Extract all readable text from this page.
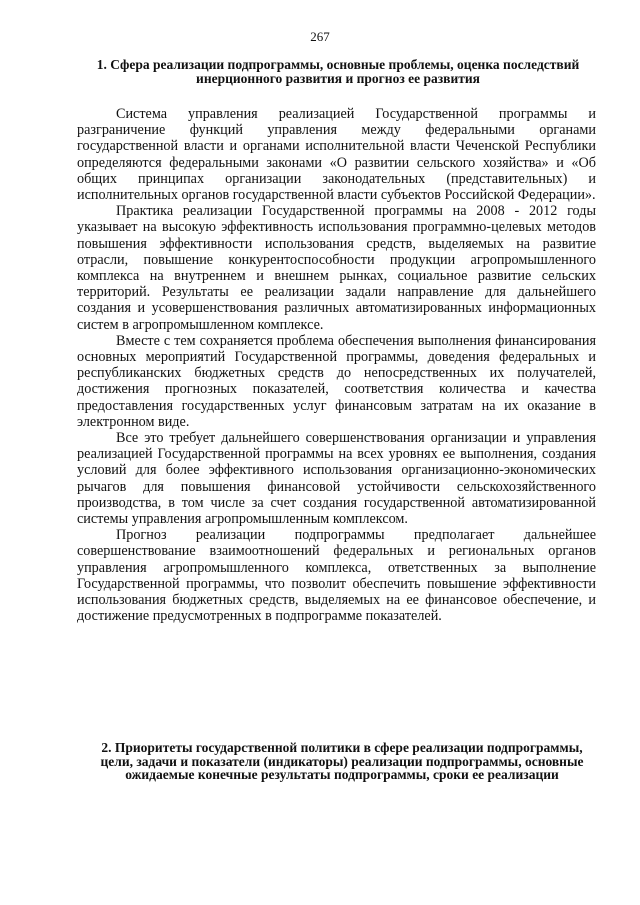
267
1. Сфера реализации подпрограммы, основные проблемы, оценка последствий инерционного развития и прогноз ее развития

Система управления реализацией Государственной программы и разграничение функций управления между федеральными органами государственной власти и органами исполнительной власти Чеченской Республики определяются федеральными законами «О развитии сельского хозяйства» и «Об общих принципах организации законодательных (представительных) и исполнительных органов государственной власти субъектов Российской Федерации».

Практика реализации Государственной программы на 2008 - 2012 годы указывает на высокую эффективность использования программно-целевых методов повышения эффективности использования средств, выделяемых на развитие отрасли, повышение конкурентоспособности продукции агропромышленного комплекса на внутреннем и внешнем рынках, социальное развитие сельских территорий. Результаты ее реализации задали направление для дальнейшего создания и усовершенствования различных автоматизированных информационных систем в агропромышленном комплексе.

Вместе с тем сохраняется проблема обеспечения выполнения финансирования основных мероприятий Государственной программы, доведения федеральных и республиканских бюджетных средств до непосредственных их получателей, достижения прогнозных показателей, соответствия количества и качества предоставления государственных услуг финансовым затратам на их оказание в электронном виде.

Все это требует дальнейшего совершенствования организации и управления реализацией Государственной программы на всех уровнях ее выполнения, создания условий для более эффективного использования организационно-экономических рычагов для повышения финансовой устойчивости сельскохозяйственного производства, в том числе за счет создания государственной автоматизированной системы управления агропромышленным комплексом.

Прогноз реализации подпрограммы предполагает дальнейшее совершенствование взаимоотношений федеральных и региональных органов управления агропромышленного комплекса, ответственных за выполнение Государственной программы, что позволит обеспечить повышение эффективности использования бюджетных средств, выделяемых на ее финансовое обеспечение, и достижение предусмотренных в подпрограмме показателей.

2. Приоритеты государственной политики в сфере реализации подпрограммы, цели, задачи и показатели (индикаторы) реализации подпрограммы, основные ожидаемые конечные результаты подпрограммы, сроки ее реализации
